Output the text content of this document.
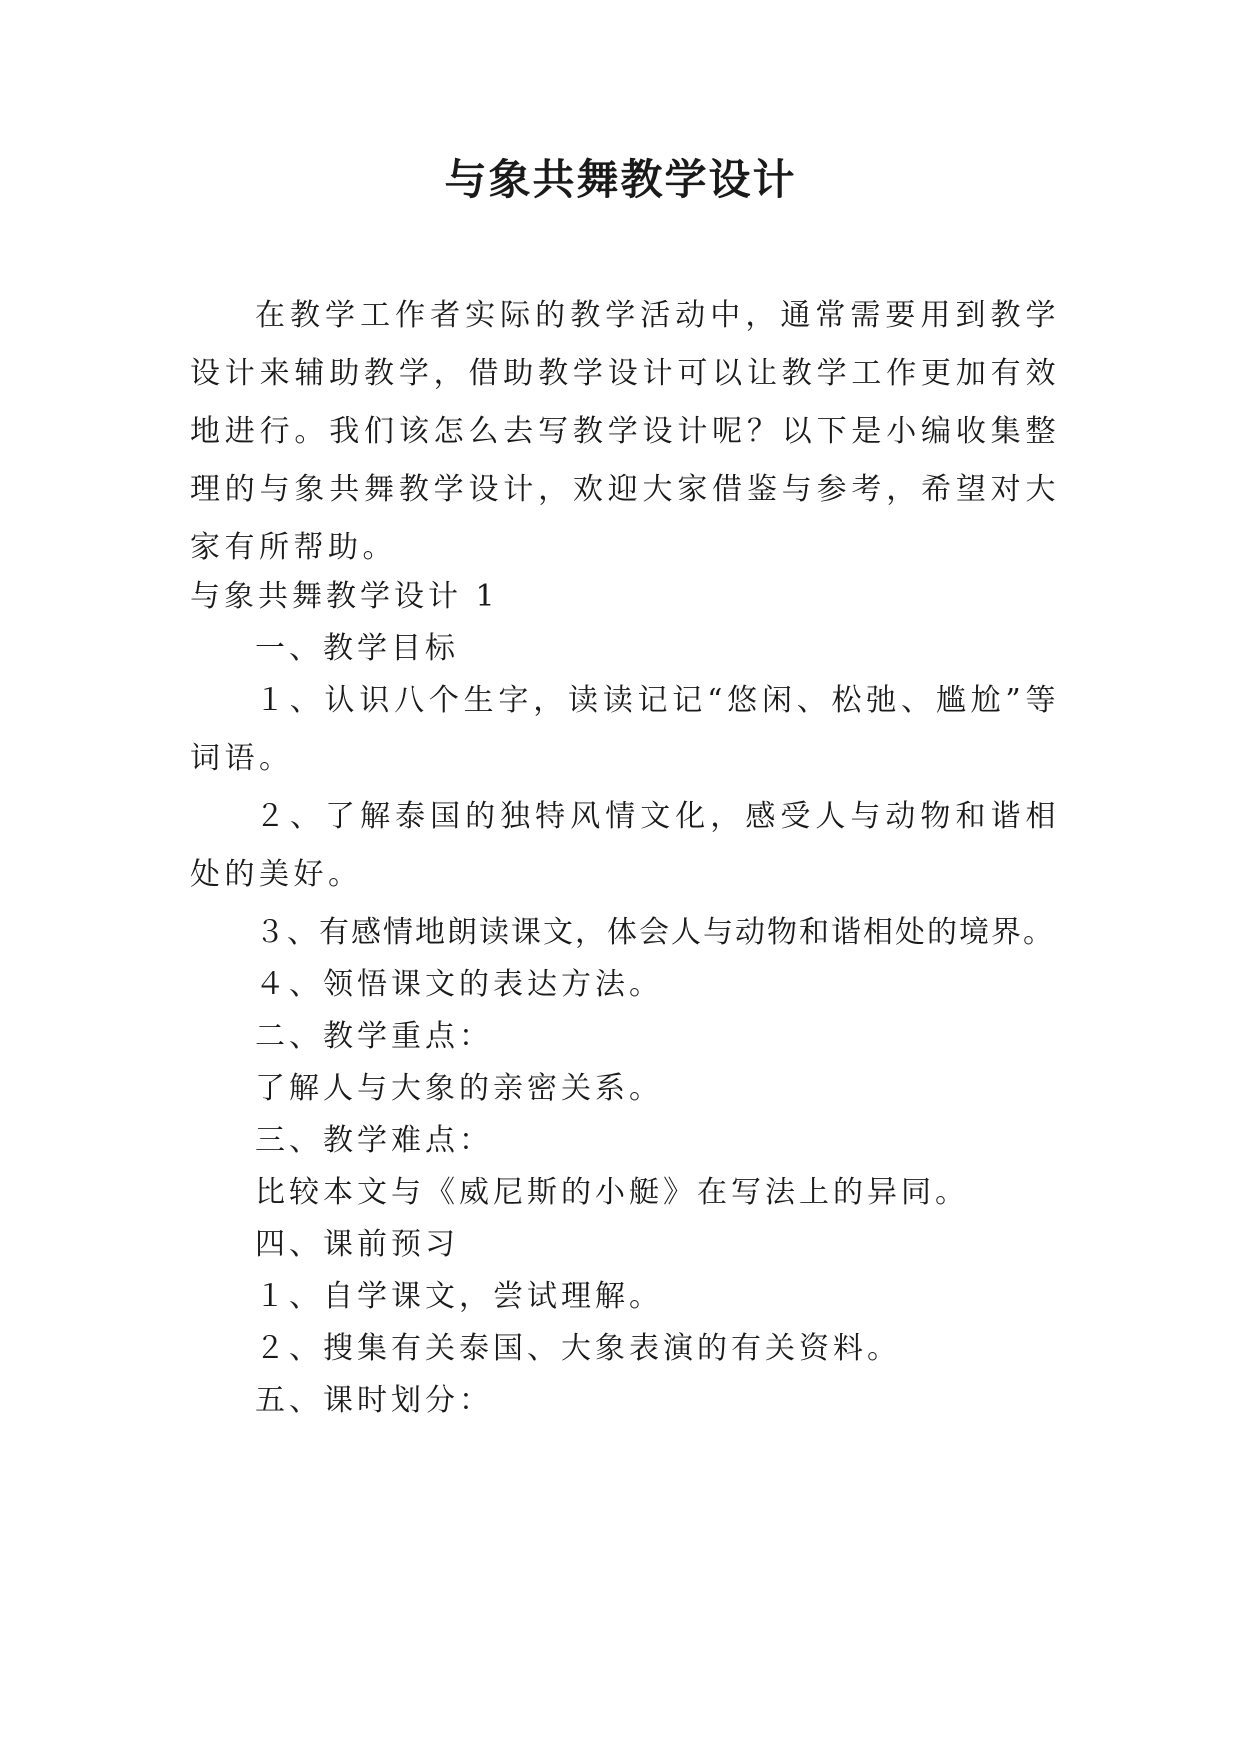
与象共舞教学设计

在教学工作者实际的教学活动中，通常需要用到教学设计来辅助教学，借助教学设计可以让教学工作更加有效地进行。我们该怎么去写教学设计呢？以下是小编收集整理的与象共舞教学设计，欢迎大家借鉴与参考，希望对大家有所帮助。

与象共舞教学设计 1

一、教学目标

１、认识八个生字，读读记记“悠闲、松弛、尴尬”等词语。

２、了解泰国的独特风情文化，感受人与动物和谐相处的美好。

３、有感情地朗读课文，体会人与动物和谐相处的境界。

４、领悟课文的表达方法。

二、教学重点：

了解人与大象的亲密关系。

三、教学难点：

比较本文与《威尼斯的小艇》在写法上的异同。

四、课前预习

１、自学课文，尝试理解。

２、搜集有关泰国、大象表演的有关资料。

五、课时划分：
